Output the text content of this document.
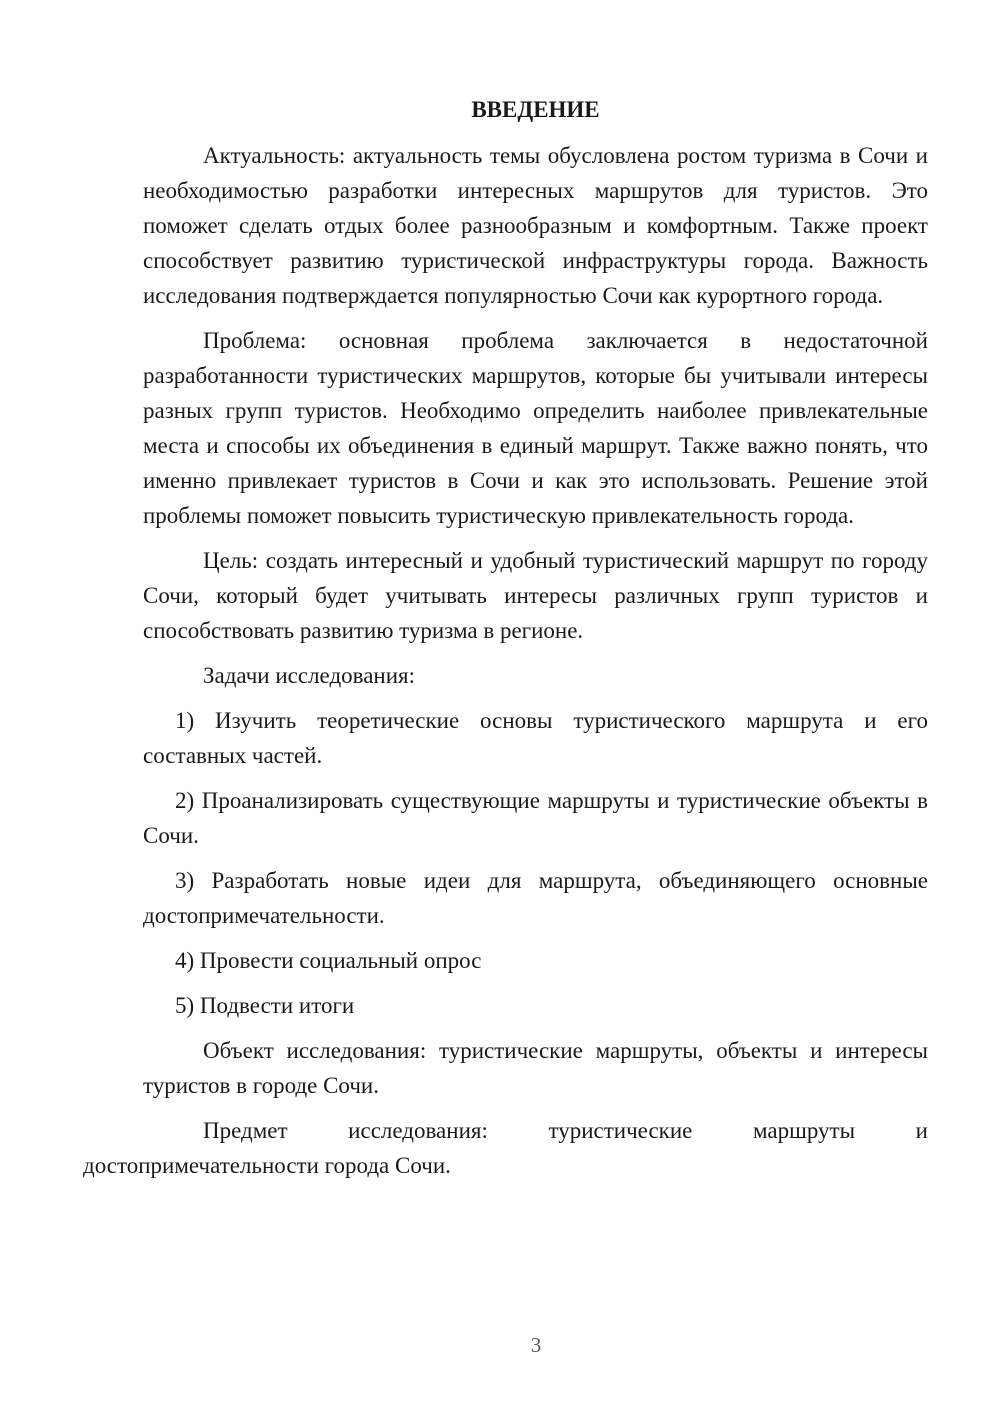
ВВЕДЕНИЕ

Актуальность: актуальность темы обусловлена ростом туризма в Сочи и необходимостью разработки интересных маршрутов для туристов. Это поможет сделать отдых более разнообразным и комфортным. Также проект способствует развитию туристической инфраструктуры города. Важность исследования подтверждается популярностью Сочи как курортного города.

Проблема: основная проблема заключается в недостаточной разработанности туристических маршрутов, которые бы учитывали интересы разных групп туристов. Необходимо определить наиболее привлекательные места и способы их объединения в единый маршрут. Также важно понять, что именно привлекает туристов в Сочи и как это использовать. Решение этой проблемы поможет повысить туристическую привлекательность города.

Цель: создать интересный и удобный туристический маршрут по городу Сочи, который будет учитывать интересы различных групп туристов и способствовать развитию туризма в регионе.

Задачи исследования:

1) Изучить теоретические основы туристического маршрута и его составных частей.

2) Проанализировать существующие маршруты и туристические объекты в Сочи.

3) Разработать новые идеи для маршрута, объединяющего основные достопримечательности.

4) Провести социальный опрос

5) Подвести итоги

Объект исследования: туристические маршруты, объекты и интересы туристов в городе Сочи.

Предмет исследования: туристические маршруты и
достопримечательности города Сочи.

3
